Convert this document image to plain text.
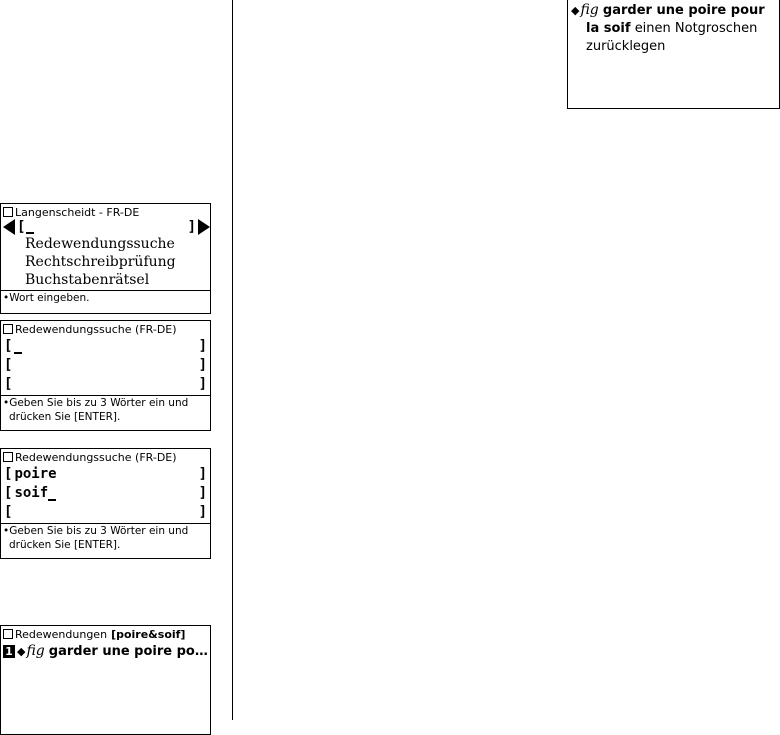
Langenscheidt - FR-DE
[	]
Redewendungssuche
Rechtschreibprüfung
Buchstabenrätsel
•Wort eingeben.
Redewendungssuche (FR-DE)
[	]
[	]
[	]
•Geben Sie bis zu 3 Wörter ein und
drücken Sie [ENTER].
Redewendungssuche (FR-DE)
[ poire	]
[ soif	]
[	]
•Geben Sie bis zu 3 Wörter ein und
drücken Sie [ENTER].
Redewendungen [poire&soif]
1 ◆ fig garder une poire po…
◆fig garder une poire pour
la soif einen Notgroschen
zurücklegen
